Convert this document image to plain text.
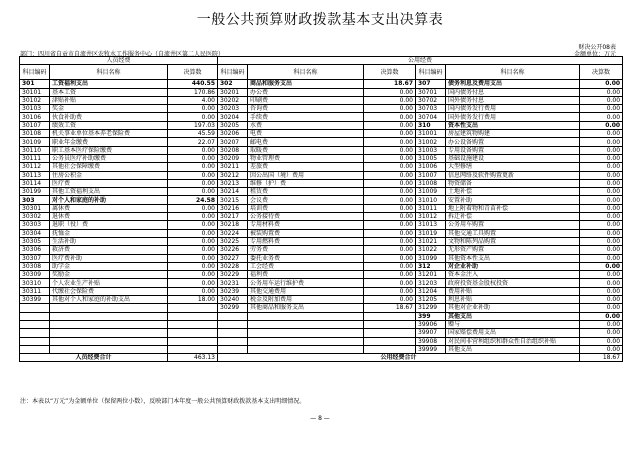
一般公共预算财政拨款基本支出决算表
财决公开08表
部门：四川省自贡市自流井区农牧水工作服务中心（自流井区第二人民医院）	金额单位：万元
人员经费			公用经费					
科目编码	科目名称	决算数	科目编码	科目名称	决算数	科目编码	科目名称	决算数
301	工资福利支出	440.55	302	商品和服务支出	18.67	307	债务利息及费用支出	0.00
30101	基本工资	170.86	30201	办公费	0.00	30701	国内债务付息	0.00
30102	津贴补贴	4.00	30202	印刷费	0.00	30702	国外债务付息	0.00
30103	奖金	0.00	30203	咨询费	0.00	30703	国内债务发行费用	0.00
30106	伙食补助费	0.00	30204	手续费	0.00	30704	国外债务发行费用	0.00
30107	绩效工资	197.03	30205	水费	0.00	310	资本性支出	0.00
30108	机关事业单位基本养老保险费	45.59	30206	电费	0.00	31001	房屋建筑物购建	0.00
30109	职业年金缴费	22.07	30207	邮电费	0.00	31002	办公设备购置	0.00
30110	职工基本医疗保险缴费	0.00	30208	取暖费	0.00	31003	专用设备购置	0.00
30111	公务员医疗补助缴费	0.00	30209	物业管理费	0.00	31005	基础设施建设	0.00
30112	其他社会保障缴费	0.00	30211	差旅费	0.00	31006	大型修缮	0.00
30113	住房公积金	0.00	30212	因公出国（境）费用	0.00	31007	信息网络及软件购置更新	0.00
30114	医疗费	0.00	30213	维修（护）费	0.00	31008	物资储备	0.00
30199	其他工资福利支出	0.00	30214	租赁费	0.00	31009	土地补偿	0.00
303	对个人和家庭的补助	24.58	30215	会议费	0.00	31010	安置补助	0.00
30301	离休费	0.00	30216	培训费	0.00	31011	地上附着物和青苗补偿	0.00
30302	退休费	0.00	30217	公务接待费	0.00	31012	拆迁补偿	0.00
30303	退职（役）费	0.00	30218	专用材料费	0.00	31013	公务用车购置	0.00
30304	抚恤金	0.00	30224	被装购置费	0.00	31019	其他交通工具购置	0.00
30305	生活补助	0.00	30225	专用燃料费	0.00	31021	文物和陈列品购置	0.00
30306	救济费	0.00	30226	劳务费	0.00	31022	无形资产购置	0.00
30307	医疗费补助	0.00	30227	委托业务费	0.00	31099	其他资本性支出	0.00
30308	助学金	0.00	30228	工会经费	0.00	312	对企业补助	0.00
30309	奖励金	0.00	30229	福利费	0.00	31201	资本金注入	0.00
30310	个人农业生产补贴	0.00	30231	公务用车运行维护费	0.00	31203	政府投资基金股权投资	0.00
30311	代缴社会保险费	0.00	30239	其他交通费用	0.00	31204	费用补贴	0.00
30399	其他对个人和家庭的补助支出	18.00	30240	税金及附加费用	0.00	31205	利息补贴	0.00
			30299	其他商品和服务支出	18.67	31299	其他对企业补助	0.00
						399	其他支出	0.00
						39906	赠与	0.00
						39907	国家赔偿费用支出	0.00
						39908	对民间非营利组织和群众性自治组织补贴	0.00
						39999	其他支出	0.00
人员经费合计		463.13	公用经费合计					18.67
注：本表以“万元”为金额单位（保留两位小数），反映部门本年度一般公共预算财政拨款基本支出明细情况。
— 8 —
